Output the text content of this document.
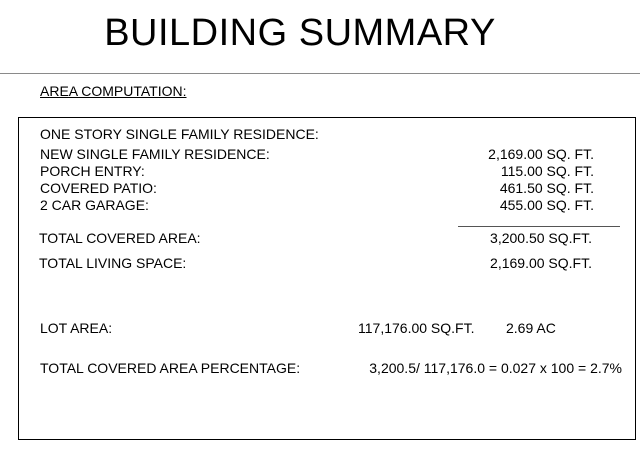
BUILDING SUMMARY
AREA COMPUTATION:
ONE STORY SINGLE FAMILY RESIDENCE:
NEW SINGLE FAMILY RESIDENCE:	2,169.00 SQ. FT.
PORCH ENTRY:	115.00 SQ. FT.
COVERED PATIO:	461.50 SQ. FT.
2 CAR GARAGE:	455.00 SQ. FT.
TOTAL COVERED AREA:	3,200.50 SQ.FT.
TOTAL LIVING SPACE:	2,169.00 SQ.FT.
LOT AREA:	117,176.00 SQ.FT. 2.69 AC
TOTAL COVERED AREA PERCENTAGE:	3,200.5/ 117,176.0 = 0.027 x 100 = 2.7%
